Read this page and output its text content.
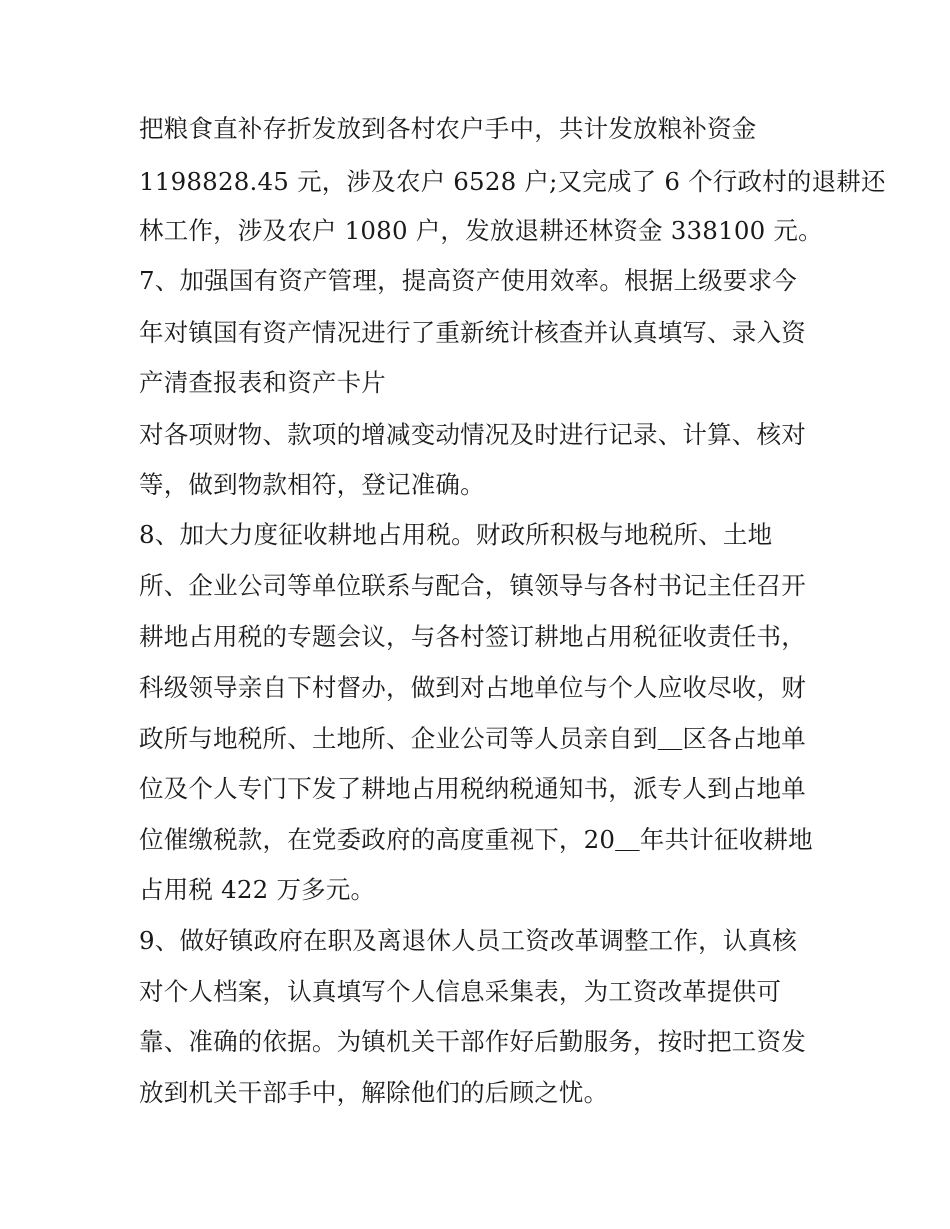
把粮食直补存折发放到各村农户手中，共计发放粮补资金
1198828.45 元，涉及农户 6528 户;又完成了 6 个行政村的退耕还
林工作，涉及农户 1080 户，发放退耕还林资金 338100 元。
7、加强国有资产管理，提高资产使用效率。根据上级要求今
年对镇国有资产情况进行了重新统计核查并认真填写、录入资
产清查报表和资产卡片
对各项财物、款项的增减变动情况及时进行记录、计算、核对
等，做到物款相符，登记准确。
8、加大力度征收耕地占用税。财政所积极与地税所、土地
所、企业公司等单位联系与配合，镇领导与各村书记主任召开
耕地占用税的专题会议，与各村签订耕地占用税征收责任书，
科级领导亲自下村督办，做到对占地单位与个人应收尽收，财
政所与地税所、土地所、企业公司等人员亲自到＿区各占地单
位及个人专门下发了耕地占用税纳税通知书，派专人到占地单
位催缴税款，在党委政府的高度重视下，20＿年共计征收耕地
占用税 422 万多元。
9、做好镇政府在职及离退休人员工资改革调整工作，认真核
对个人档案，认真填写个人信息采集表，为工资改革提供可
靠、准确的依据。为镇机关干部作好后勤服务，按时把工资发
放到机关干部手中，解除他们的后顾之忧。
